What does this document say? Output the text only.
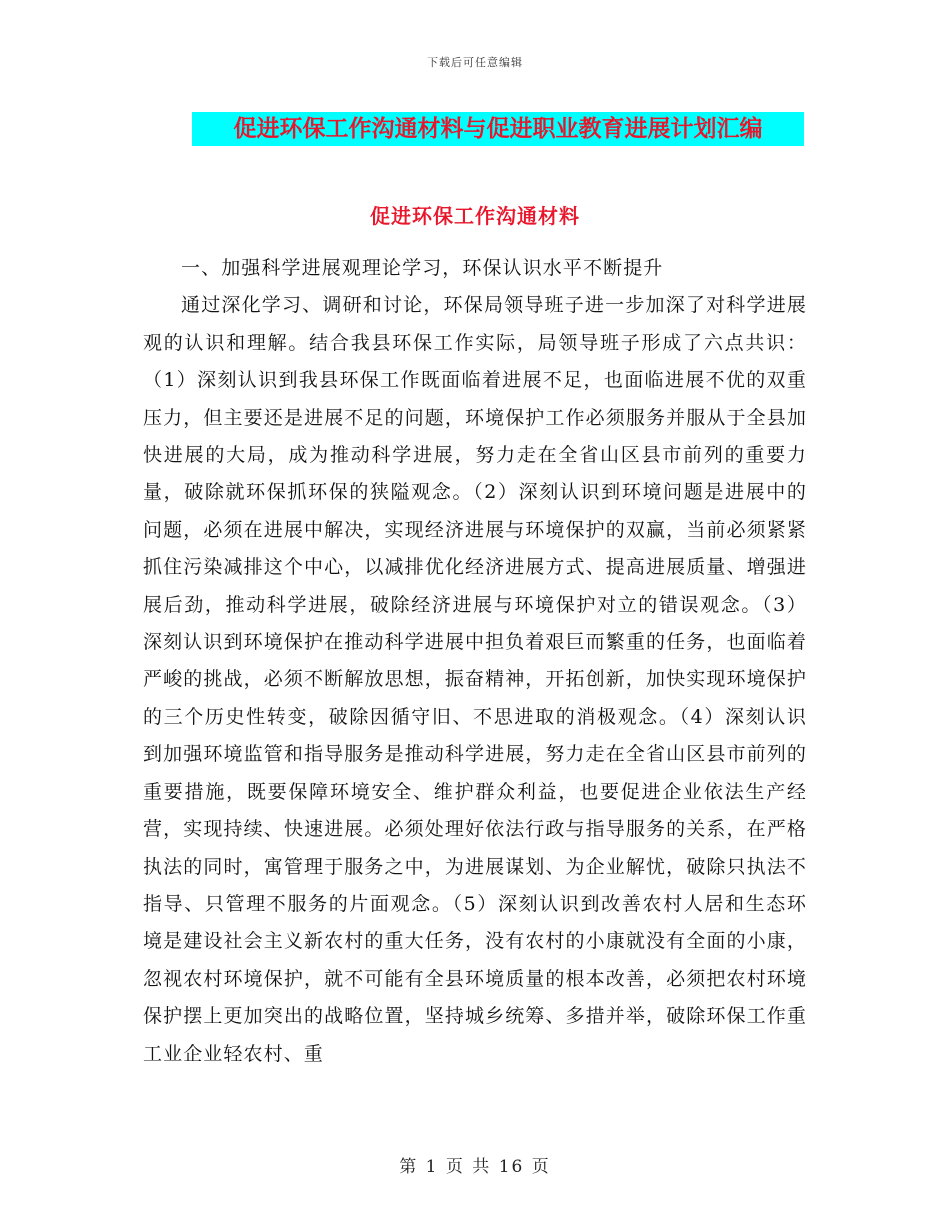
下载后可任意编辑
促进环保工作沟通材料与促进职业教育进展计划汇编
促进环保工作沟通材料

一、加强科学进展观理论学习，环保认识水平不断提升

通过深化学习、调研和讨论，环保局领导班子进一步加深了对科学进展观的认识和理解。结合我县环保工作实际，局领导班子形成了六点共识：（1）深刻认识到我县环保工作既面临着进展不足，也面临进展不优的双重压力，但主要还是进展不足的问题，环境保护工作必须服务并服从于全县加快进展的大局，成为推动科学进展，努力走在全省山区县市前列的重要力量，破除就环保抓环保的狭隘观念。（2）深刻认识到环境问题是进展中的问题，必须在进展中解决，实现经济进展与环境保护的双赢，当前必须紧紧抓住污染减排这个中心，以减排优化经济进展方式、提高进展质量、增强进展后劲，推动科学进展，破除经济进展与环境保护对立的错误观念。（3）深刻认识到环境保护在推动科学进展中担负着艰巨而繁重的任务，也面临着严峻的挑战，必须不断解放思想，振奋精神，开拓创新，加快实现环境保护的三个历史性转变，破除因循守旧、不思进取的消极观念。（4）深刻认识到加强环境监管和指导服务是推动科学进展，努力走在全省山区县市前列的重要措施，既要保障环境安全、维护群众利益，也要促进企业依法生产经营，实现持续、快速进展。必须处理好依法行政与指导服务的关系，在严格执法的同时，寓管理于服务之中，为进展谋划、为企业解忧，破除只执法不指导、只管理不服务的片面观念。（5）深刻认识到改善农村人居和生态环境是建设社会主义新农村的重大任务，没有农村的小康就没有全面的小康，忽视农村环境保护，就不可能有全县环境质量的根本改善，必须把农村环境保护摆上更加突出的战略位置，坚持城乡统筹、多措并举，破除环保工作重工业企业轻农村、重

第 1 页 共 16 页
